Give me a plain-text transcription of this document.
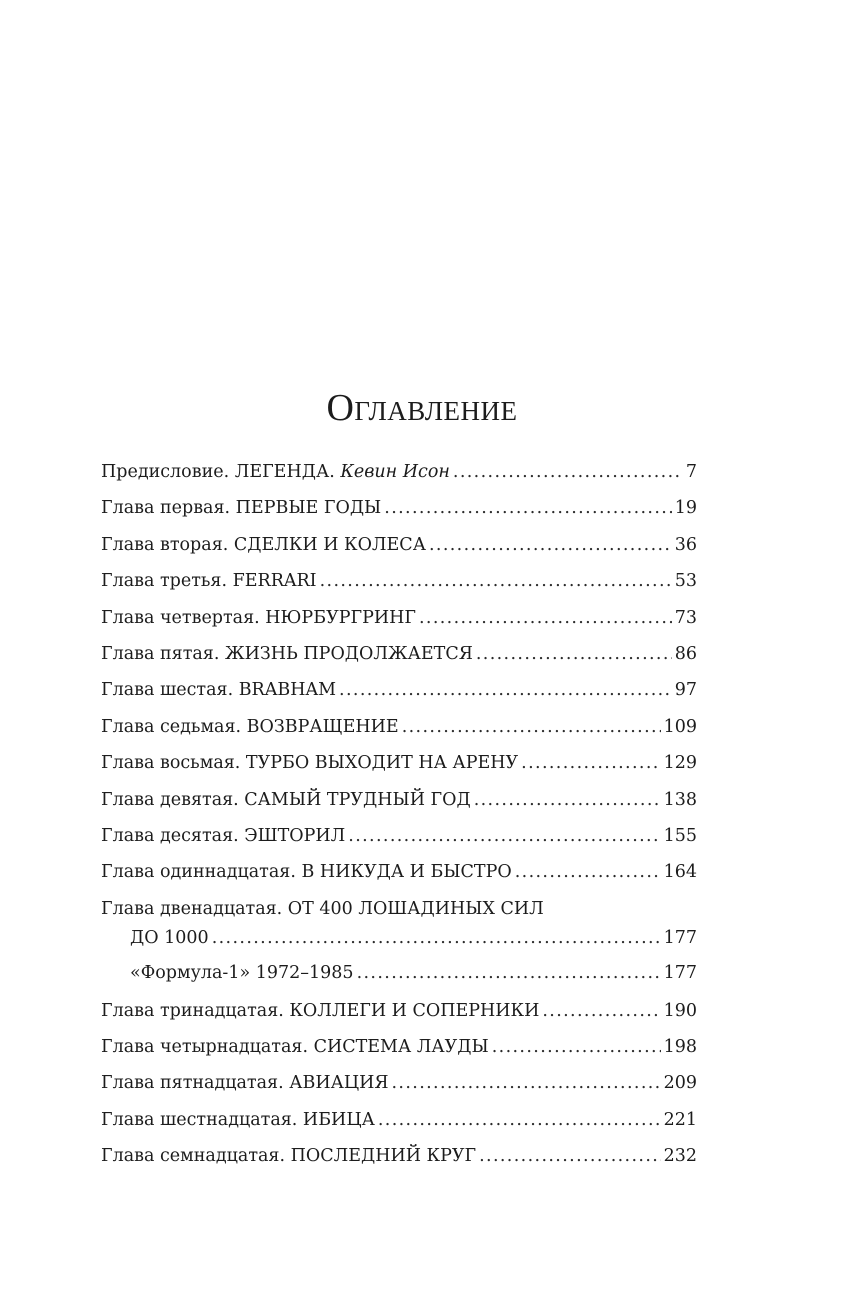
Оглавление
Предисловие. ЛЕГЕНДА. Кевин Исон . . .	7
Глава первая. ПЕРВЫЕ ГОДЫ . . .	19
Глава вторая. СДЕЛКИ И КОЛЕСА . . .	36
Глава третья. FERRARI . . .	53
Глава четвертая. НЮРБУРГРИНГ . . .	73
Глава пятая. ЖИЗНЬ ПРОДОЛЖАЕТСЯ . . .	86
Глава шестая. BRABHAM . . .	97
Глава седьмая. ВОЗВРАЩЕНИЕ . . .	109
Глава восьмая. ТУРБО ВЫХОДИТ НА АРЕНУ . . .	129
Глава девятая. САМЫЙ ТРУДНЫЙ ГОД . . .	138
Глава десятая. ЭШТОРИЛ . . .	155
Глава одиннадцатая. В НИКУДА И БЫСТРО . . .	164
Глава двенадцатая. ОТ 400 ЛОШАДИНЫХ СИЛ
ДО 1000 . . .	177
«Формула-1» 1972–1985 . . .	177
Глава тринадцатая. КОЛЛЕГИ И СОПЕРНИКИ . . .	190
Глава четырнадцатая. СИСТЕМА ЛАУДЫ . . .	198
Глава пятнадцатая. АВИАЦИЯ . . .	209
Глава шестнадцатая. ИБИЦА . . .	221
Глава семнадцатая. ПОСЛЕДНИЙ КРУГ . . .	232
